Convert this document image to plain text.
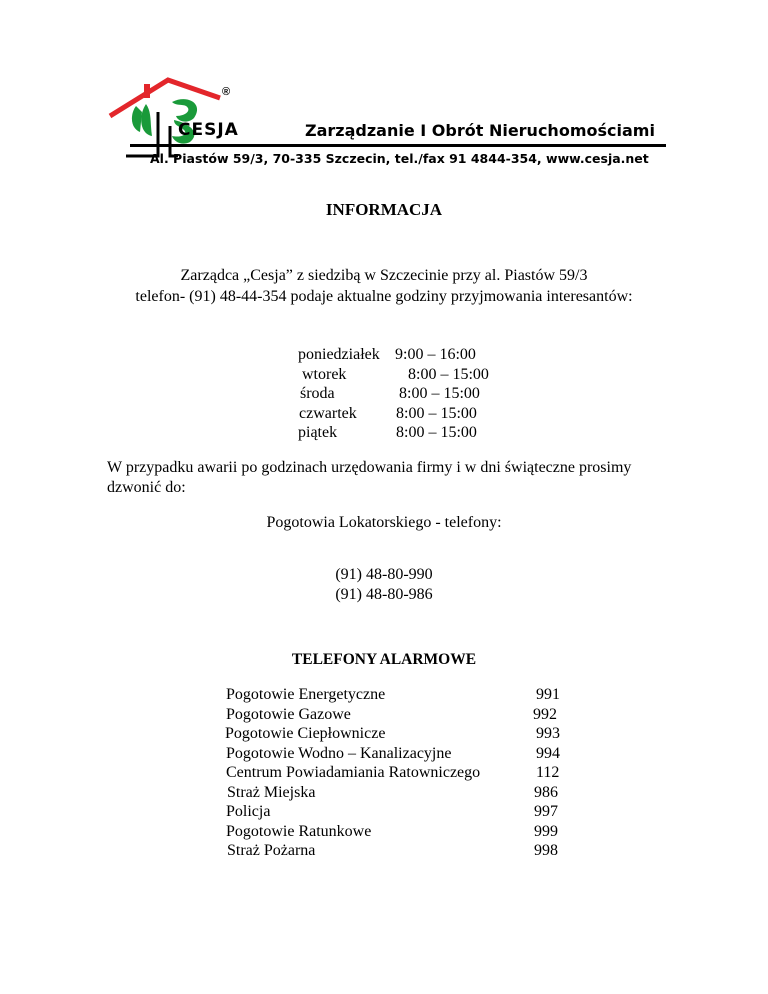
®
CESJA	Zarządzanie I Obrót Nieruchomościami
Al. Piastów 59/3, 70-335 Szczecin, tel./fax 91 4844-354, www.cesja.net
INFORMACJA
Zarządca „Cesja” z siedzibą w Szczecinie przy al. Piastów 59/3
telefon- (91) 48-44-354 podaje aktualne godziny przyjmowania interesantów:
poniedziałek 9:00 – 16:00
wtorek	8:00 – 15:00
środa	8:00 – 15:00
czwartek 8:00 – 15:00
piątek	8:00 – 15:00
W przypadku awarii po godzinach urzędowania firmy i w dni świąteczne prosimy dzwonić do:
Pogotowia Lokatorskiego - telefony:
(91) 48-80-990
(91) 48-80-986
TELEFONY ALARMOWE
Pogotowie Energetyczne	991
Pogotowie Gazowe	992
Pogotowie Ciepłownicze	993
Pogotowie Wodno – Kanalizacyjne	994
Centrum Powiadamiania Ratowniczego	112
Straż Miejska	986
Policja	997
Pogotowie Ratunkowe	999
Straż Pożarna	998
